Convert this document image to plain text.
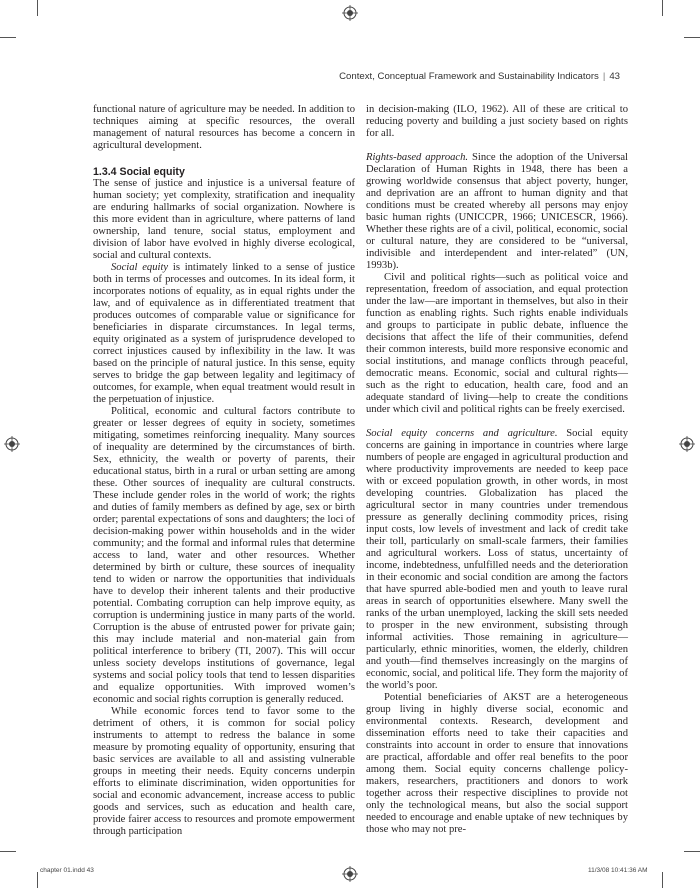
Context, Conceptual Framework and Sustainability Indicators | 43

functional nature of agriculture may be needed. In addition to techniques aiming at specific resources, the overall management of natural resources has become a concern in agricultural development.

1.3.4 Social equity

The sense of justice and injustice is a universal feature of human society; yet complexity, stratification and inequality are enduring hallmarks of social organization. Nowhere is this more evident than in agriculture, where patterns of land ownership, land tenure, social status, employment and division of labor have evolved in highly diverse ecological, social and cultural contexts.

Social equity is intimately linked to a sense of justice both in terms of processes and outcomes. In its ideal form, it incorporates notions of equality, as in equal rights under the law, and of equivalence as in differentiated treatment that produces outcomes of comparable value or significance for beneficiaries in disparate circumstances. In legal terms, equity originated as a system of jurisprudence developed to correct injustices caused by inflexibility in the law. It was based on the principle of natural justice. In this sense, equity serves to bridge the gap between legality and legitimacy of outcomes, for example, when equal treatment would result in the perpetuation of injustice.

Political, economic and cultural factors contribute to greater or lesser degrees of equity in society, sometimes mitigating, sometimes reinforcing inequality. Many sources of inequality are determined by the circumstances of birth. Sex, ethnicity, the wealth or poverty of parents, their educational status, birth in a rural or urban setting are among these. Other sources of inequality are cultural constructs. These include gender roles in the world of work; the rights and duties of family members as defined by age, sex or birth order; parental expectations of sons and daughters; the loci of decision-making power within households and in the wider community; and the formal and informal rules that determine access to land, water and other resources. Whether determined by birth or culture, these sources of inequality tend to widen or narrow the opportunities that individuals have to develop their inherent talents and their productive potential. Combating corruption can help improve equity, as corruption is undermining justice in many parts of the world. Corruption is the abuse of entrusted power for private gain; this may include material and non-material gain from political interference to bribery (TI, 2007). This will occur unless society develops institutions of governance, legal systems and social policy tools that tend to lessen disparities and equalize opportunities. With improved women’s economic and social rights corruption is generally reduced.

While economic forces tend to favor some to the detriment of others, it is common for social policy instruments to attempt to redress the balance in some measure by promoting equality of opportunity, ensuring that basic services are available to all and assisting vulnerable groups in meeting their needs. Equity concerns underpin efforts to eliminate discrimination, widen opportunities for social and economic advancement, increase access to public goods and services, such as education and health care, provide fairer access to resources and promote empowerment through participation

in decision-making (ILO, 1962). All of these are critical to reducing poverty and building a just society based on rights for all.

Rights-based approach. Since the adoption of the Universal Declaration of Human Rights in 1948, there has been a growing worldwide consensus that abject poverty, hunger, and deprivation are an affront to human dignity and that conditions must be created whereby all persons may enjoy basic human rights (UNICCPR, 1966; UNICESCR, 1966). Whether these rights are of a civil, political, economic, social or cultural nature, they are considered to be “universal, indivisible and interdependent and inter-related” (UN, 1993b).

Civil and political rights—such as political voice and representation, freedom of association, and equal protection under the law—are important in themselves, but also in their function as enabling rights. Such rights enable individuals and groups to participate in public debate, influence the decisions that affect the life of their communities, defend their common interests, build more responsive economic and social institutions, and manage conflicts through peaceful, democratic means. Economic, social and cultural rights—such as the right to education, health care, food and an adequate standard of living—help to create the conditions under which civil and political rights can be freely exercised.

Social equity concerns and agriculture. Social equity concerns are gaining in importance in countries where large numbers of people are engaged in agricultural production and where productivity improvements are needed to keep pace with or exceed population growth, in other words, in most developing countries. Globalization has placed the agricultural sector in many countries under tremendous pressure as generally declining commodity prices, rising input costs, low levels of investment and lack of credit take their toll, particularly on small-scale farmers, their families and agricultural workers. Loss of status, uncertainty of income, indebtedness, unfulfilled needs and the deterioration in their economic and social condition are among the factors that have spurred able-bodied men and youth to leave rural areas in search of opportunities elsewhere. Many swell the ranks of the urban unemployed, lacking the skill sets needed to prosper in the new environment, subsisting through informal activities. Those remaining in agriculture—particularly, ethnic minorities, women, the elderly, children and youth—find themselves increasingly on the margins of economic, social, and political life. They form the majority of the world’s poor.

Potential beneficiaries of AKST are a heterogeneous group living in highly diverse social, economic and environmental contexts. Research, development and dissemination efforts need to take their capacities and constraints into account in order to ensure that innovations are practical, affordable and offer real benefits to the poor among them. Social equity concerns challenge policy-makers, researchers, practitioners and donors to work together across their respective disciplines to provide not only the technological means, but also the social support needed to encourage and enable uptake of new techniques by those who may not pre-

chapter 01.indd 43	11/3/08 10:41:36 AM
